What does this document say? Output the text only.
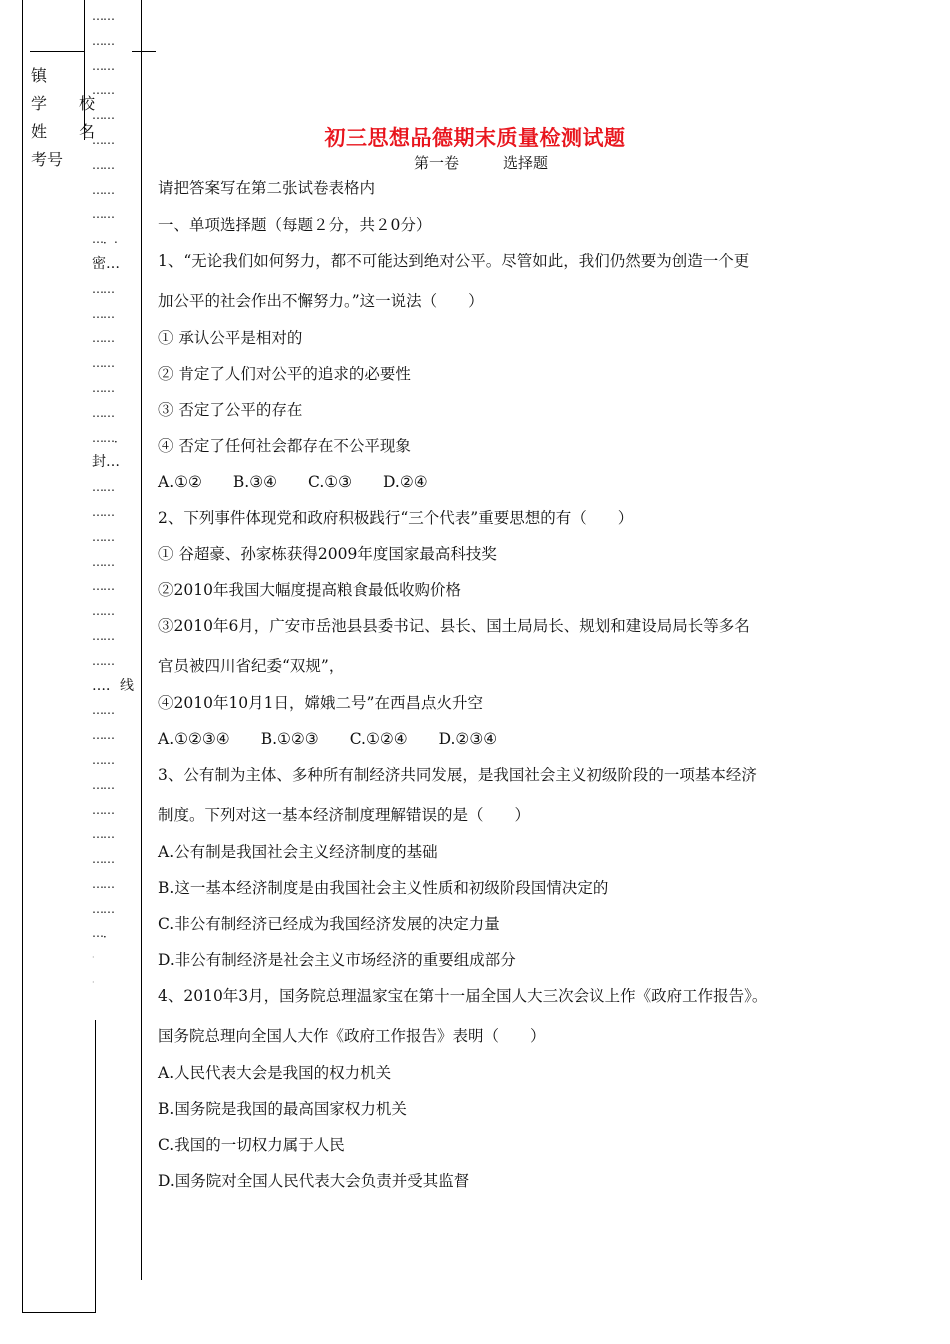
镇
学　　校
姓　　名
考号
……
……
……
……
……
……
……
……
……
…．.
密…
……
……
……
……
……
……
……．
封…
……
……
……
……
……
……
……
……
…．线
……
……
……
……
……
……
……
……
……
…．
·
·
初三思想品德期末质量检测试题
第一卷	选择题

请把答案写在第二张试卷表格内

一、单项选择题（每题２分，共２0分）

1、“无论我们如何努力，都不可能达到绝对公平。尽管如此，我们仍然要为创造一个更

加公平的社会作出不懈努力。”这一说法（　　）

① 承认公平是相对的

② 肯定了人们对公平的追求的必要性

③ 否定了公平的存在

④ 否定了任何社会都存在不公平现象

A.①②　　B.③④　　C.①③　　D.②④

2、下列事件体现党和政府积极践行“三个代表”重要思想的有（　　）

① 谷超豪、孙家栋获得2009年度国家最高科技奖

②2010年我国大幅度提高粮食最低收购价格

③2010年6月，广安市岳池县县委书记、县长、国土局局长、规划和建设局局长等多名

官员被四川省纪委“双规”，

④2010年10月1日，嫦娥二号”在西昌点火升空

A.①②③④　　B.①②③　　C.①②④　　D.②③④

3、公有制为主体、多种所有制经济共同发展，是我国社会主义初级阶段的一项基本经济

制度。下列对这一基本经济制度理解错误的是（　　）

A.公有制是我国社会主义经济制度的基础

B.这一基本经济制度是由我国社会主义性质和初级阶段国情决定的

C.非公有制经济已经成为我国经济发展的决定力量

D.非公有制经济是社会主义市场经济的重要组成部分

4、2010年3月，国务院总理温家宝在第十一届全国人大三次会议上作《政府工作报告》。

国务院总理向全国人大作《政府工作报告》表明（　　）

A.人民代表大会是我国的权力机关

B.国务院是我国的最高国家权力机关

C.我国的一切权力属于人民

D.国务院对全国人民代表大会负责并受其监督
